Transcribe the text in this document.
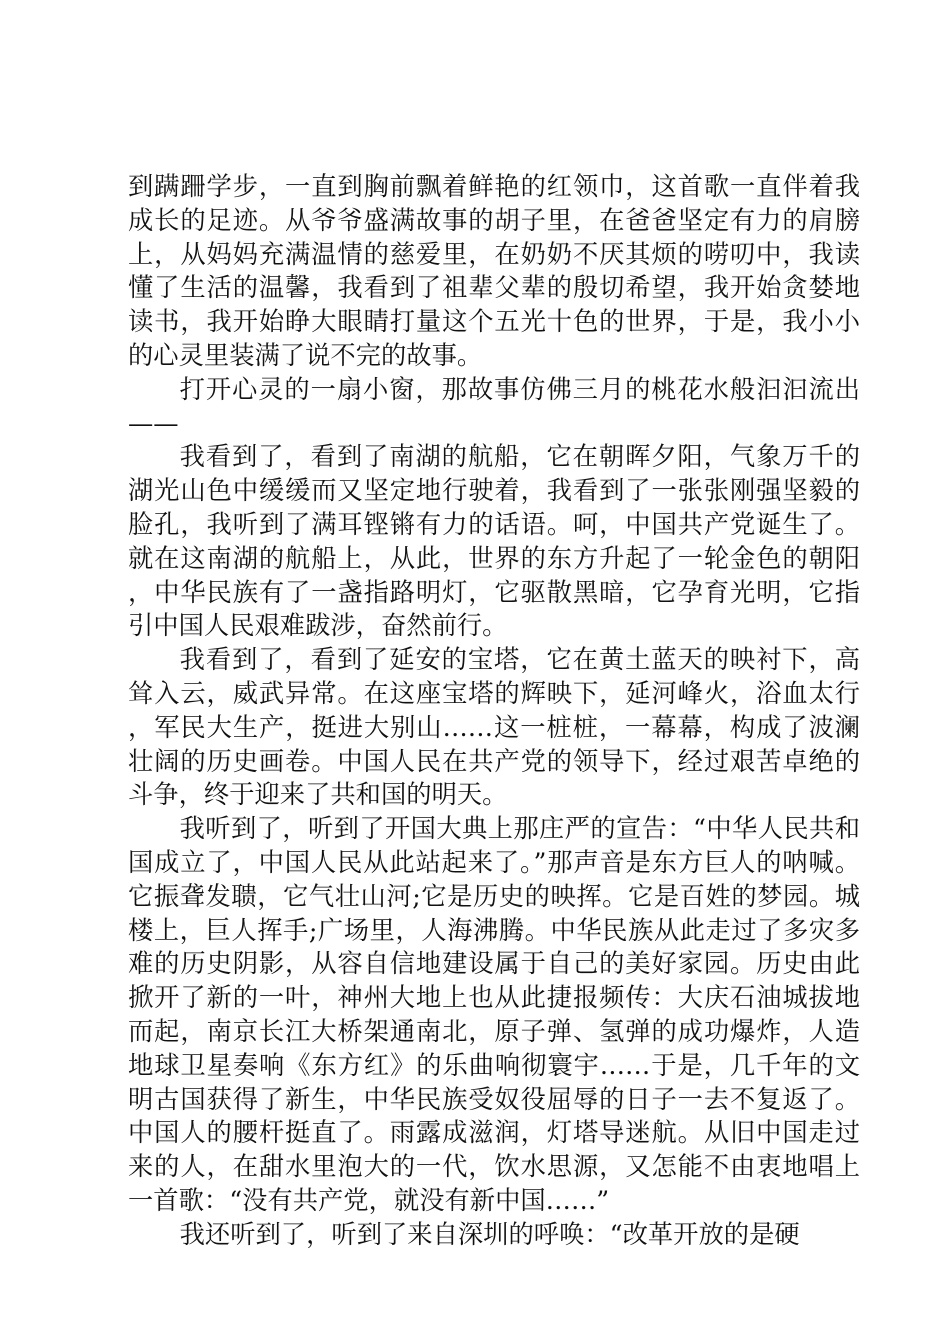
到蹒跚学步，一直到胸前飘着鲜艳的红领巾，这首歌一直伴着我成长的足迹。从爷爷盛满故事的胡子里，在爸爸坚定有力的肩膀上，从妈妈充满温情的慈爱里，在奶奶不厌其烦的唠叨中，我读懂了生活的温馨，我看到了祖辈父辈的殷切希望，我开始贪婪地读书，我开始睁大眼睛打量这个五光十色的世界，于是，我小小的心灵里装满了说不完的故事。

打开心灵的一扇小窗，那故事仿佛三月的桃花水般汩汩流出——

我看到了，看到了南湖的航船，它在朝晖夕阳，气象万千的湖光山色中缓缓而又坚定地行驶着，我看到了一张张刚强坚毅的脸孔，我听到了满耳铿锵有力的话语。呵，中国共产党诞生了。就在这南湖的航船上，从此，世界的东方升起了一轮金色的朝阳，中华民族有了一盏指路明灯，它驱散黑暗，它孕育光明，它指引中国人民艰难跋涉，奋然前行。

我看到了，看到了延安的宝塔，它在黄土蓝天的映衬下，高耸入云，威武异常。在这座宝塔的辉映下，延河峰火，浴血太行，军民大生产，挺进大别山……这一桩桩，一幕幕，构成了波澜壮阔的历史画卷。中国人民在共产党的领导下，经过艰苦卓绝的斗争，终于迎来了共和国的明天。

我听到了，听到了开国大典上那庄严的宣告：“中华人民共和国成立了，中国人民从此站起来了。”那声音是东方巨人的呐喊。它振聋发聩，它气壮山河;它是历史的映挥。它是百姓的梦园。城楼上，巨人挥手;广场里，人海沸腾。中华民族从此走过了多灾多难的历史阴影，从容自信地建设属于自己的美好家园。历史由此掀开了新的一叶，神州大地上也从此捷报频传：大庆石油城拔地而起，南京长江大桥架通南北，原子弹、氢弹的成功爆炸，人造地球卫星奏响《东方红》的乐曲响彻寰宇……于是，几千年的文明古国获得了新生，中华民族受奴役屈辱的日子一去不复返了。中国人的腰杆挺直了。雨露成滋润，灯塔导迷航。从旧中国走过来的人，在甜水里泡大的一代，饮水思源，又怎能不由衷地唱上一首歌：“没有共产党，就没有新中国……”

我还听到了，听到了来自深圳的呼唤：“改革开放的是硬
